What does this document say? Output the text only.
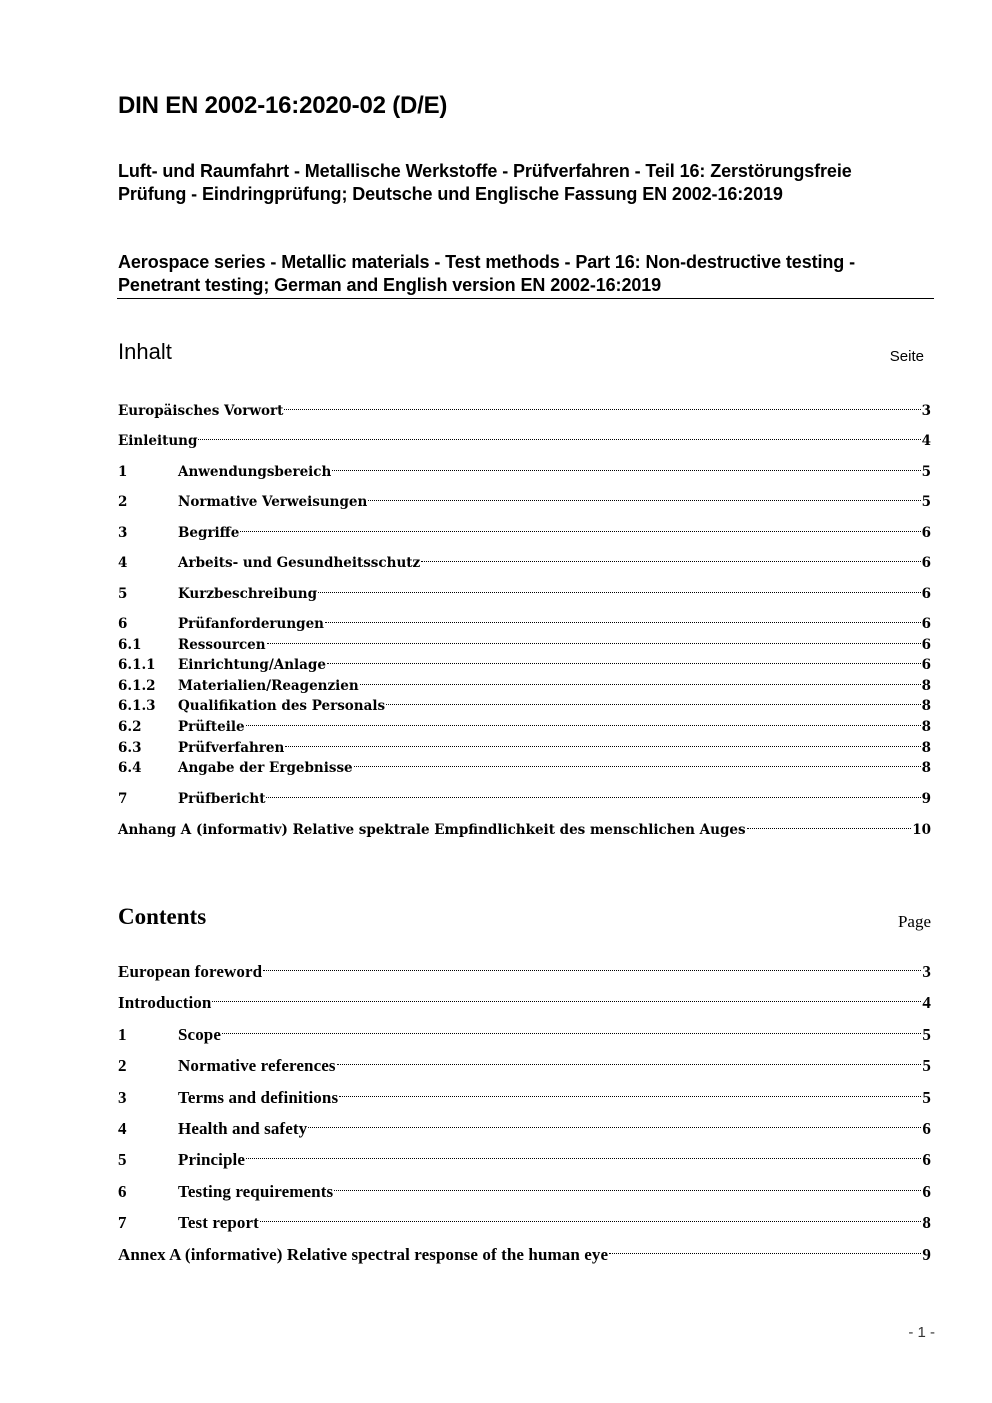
DIN EN 2002-16:2020-02 (D/E)
Luft- und Raumfahrt - Metallische Werkstoffe - Prüfverfahren - Teil 16: Zerstörungsfreie Prüfung - Eindringprüfung; Deutsche und Englische Fassung EN 2002-16:2019
Aerospace series - Metallic materials - Test methods - Part 16: Non-destructive testing - Penetrant testing; German and English version EN 2002-16:2019
Inhalt	Seite
Europäisches Vorwort	3
Einleitung	4
1	Anwendungsbereich	5
2	Normative Verweisungen	5
3	Begriffe	6
4	Arbeits- und Gesundheitsschutz	6
5	Kurzbeschreibung	6
6	Prüfanforderungen	6
6.1	Ressourcen	6
6.1.1	Einrichtung/Anlage	6
6.1.2	Materialien/Reagenzien	8
6.1.3	Qualifikation des Personals	8
6.2	Prüfteile	8
6.3	Prüfverfahren	8
6.4	Angabe der Ergebnisse	8
7	Prüfbericht	9
Anhang A (informativ) Relative spektrale Empfindlichkeit des menschlichen Auges	10
Contents	Page
European foreword	3
Introduction	4
1	Scope	5
2	Normative references	5
3	Terms and definitions	5
4	Health and safety	6
5	Principle	6
6	Testing requirements	6
7	Test report	8
Annex A (informative) Relative spectral response of the human eye	9
- 1 -
